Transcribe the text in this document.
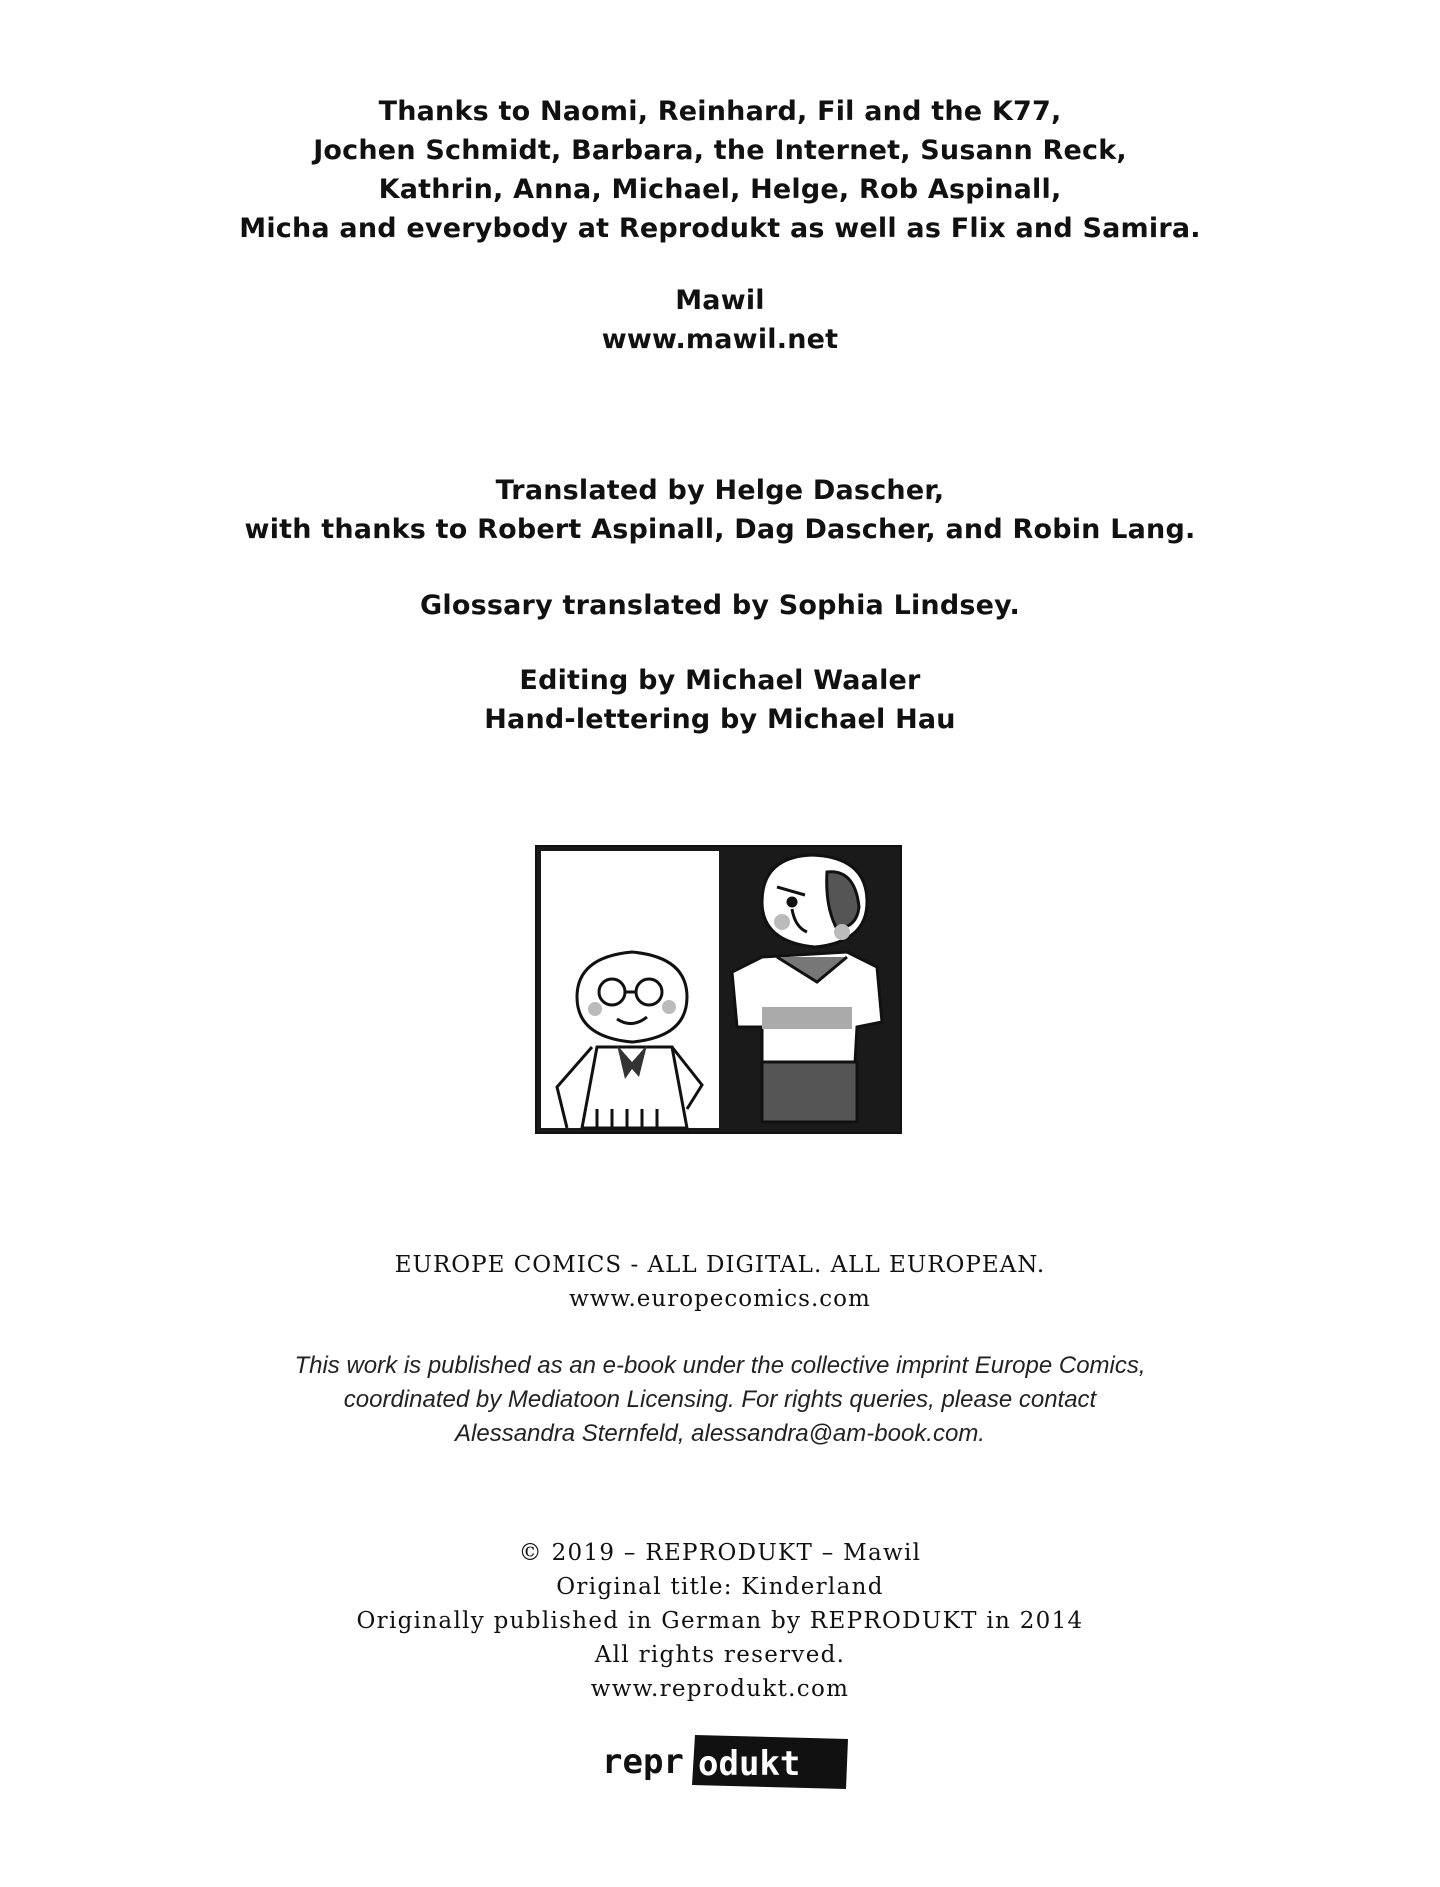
Thanks to Naomi, Reinhard, Fil and the K77,
Jochen Schmidt, Barbara, the Internet, Susann Reck,
Kathrin, Anna, Michael, Helge, Rob Aspinall,
Micha and everybody at Reprodukt as well as Flix and Samira.
Mawil
www.mawil.net
Translated by Helge Dascher,
with thanks to Robert Aspinall, Dag Dascher, and Robin Lang.
Glossary translated by Sophia Lindsey.
Editing by Michael Waaler
Hand-lettering by Michael Hau
EUROPE COMICS - ALL DIGITAL. ALL EUROPEAN.
www.europecomics.com
This work is published as an e-book under the collective imprint Europe Comics,
coordinated by Mediatoon Licensing. For rights queries, please contact
Alessandra Sternfeld, alessandra@am-book.com.
© 2019 – REPRODUKT – Mawil
Original title: Kinderland
Originally published in German by REPRODUKT in 2014
All rights reserved.
www.reprodukt.com
repr odukt
